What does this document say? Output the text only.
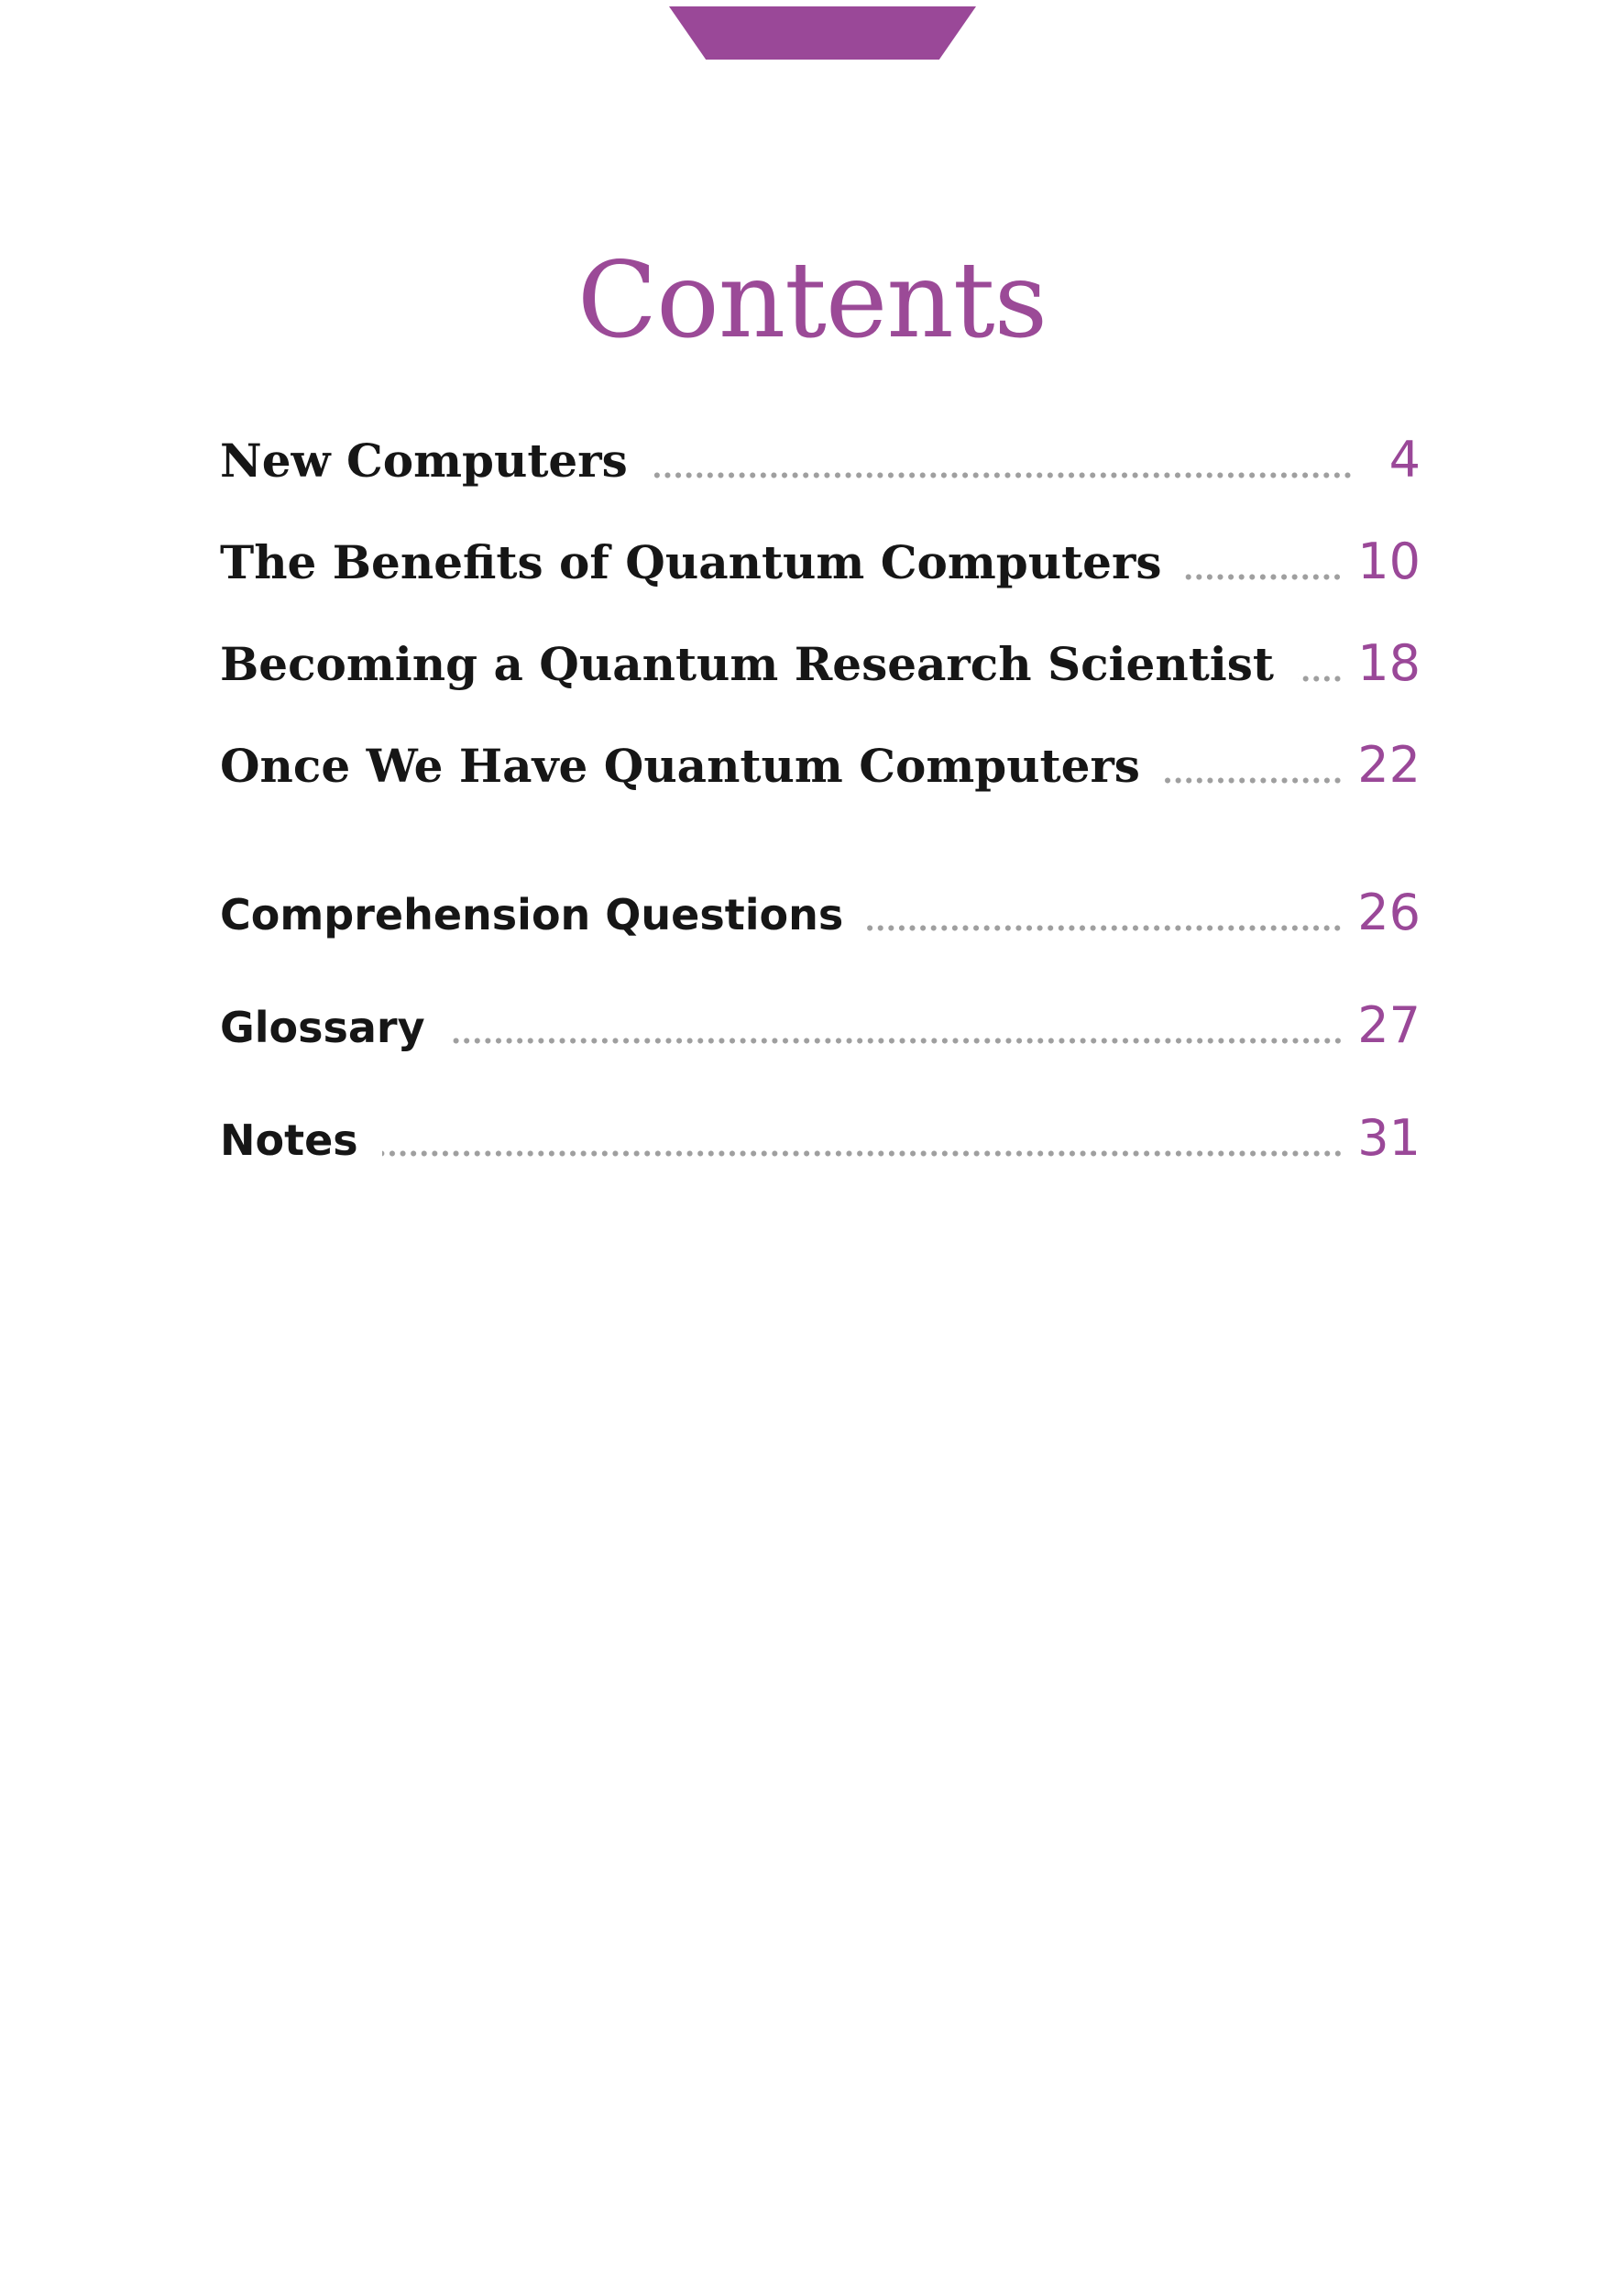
Contents
New Computers	4
The Benefits of Quantum Computers	10
Becoming a Quantum Research Scientist 18
Once We Have Quantum Computers	22
Comprehension Questions	26
Glossary	27
Notes	31
